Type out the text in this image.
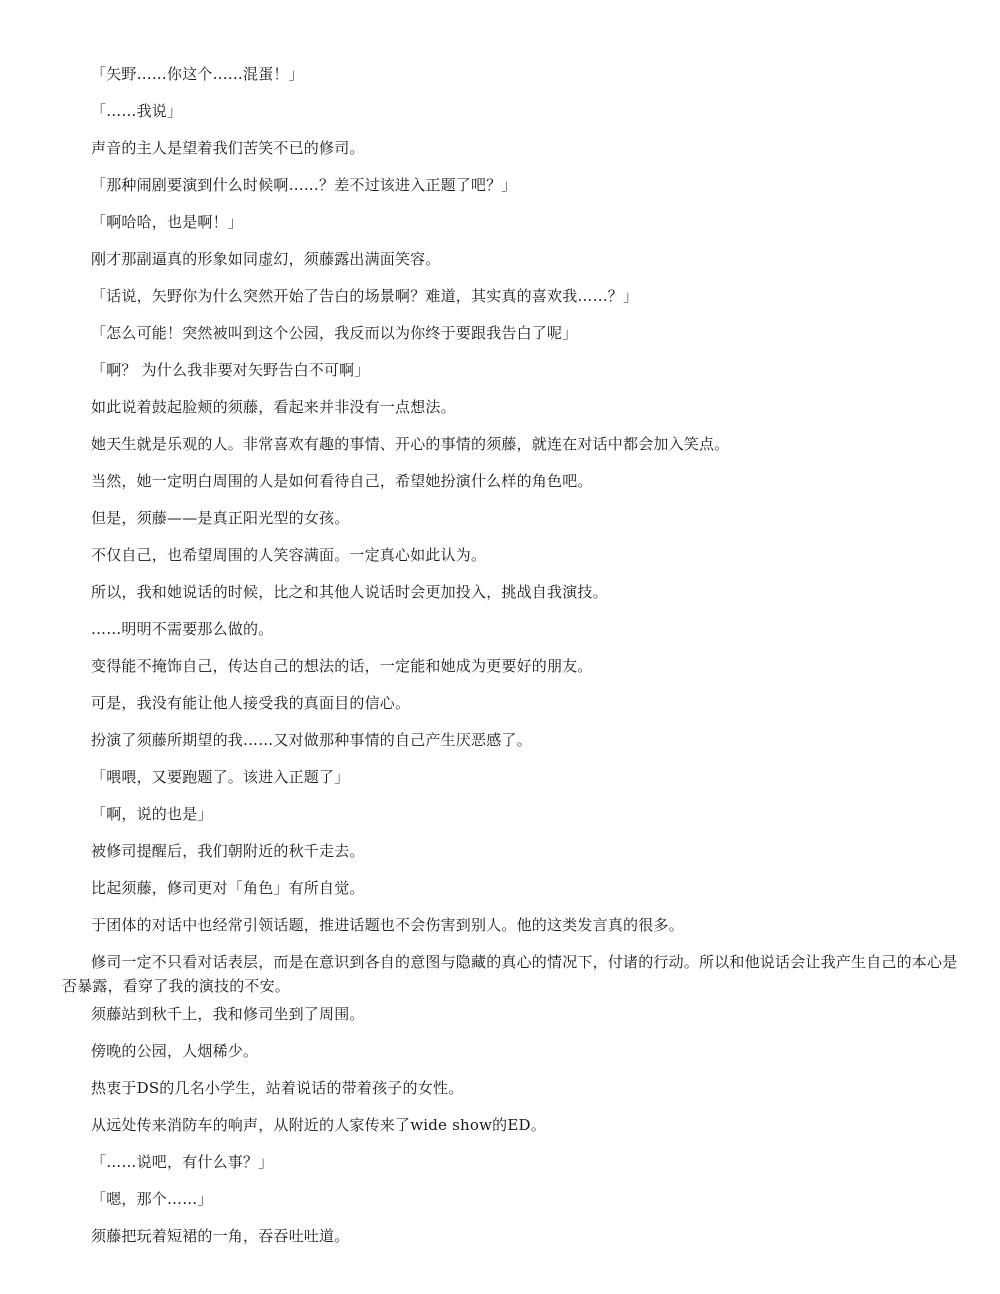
「矢野……你这个……混蛋！」

「……我说」

声音的主人是望着我们苦笑不已的修司。

「那种闹剧要演到什么时候啊……？差不过该进入正题了吧？」

「啊哈哈，也是啊！」

刚才那副逼真的形象如同虚幻，须藤露出满面笑容。

「话说，矢野你为什么突然开始了告白的场景啊？难道，其实真的喜欢我……？」

「怎么可能！突然被叫到这个公园，我反而以为你终于要跟我告白了呢」

「啊？ 为什么我非要对矢野告白不可啊」

如此说着鼓起脸颊的须藤，看起来并非没有一点想法。

她天生就是乐观的人。非常喜欢有趣的事情、开心的事情的须藤，就连在对话中都会加入笑点。

当然，她一定明白周围的人是如何看待自己，希望她扮演什么样的角色吧。

但是，须藤——是真正阳光型的女孩。

不仅自己，也希望周围的人笑容满面。一定真心如此认为。

所以，我和她说话的时候，比之和其他人说话时会更加投入，挑战自我演技。

……明明不需要那么做的。

变得能不掩饰自己，传达自己的想法的话，一定能和她成为更要好的朋友。

可是，我没有能让他人接受我的真面目的信心。

扮演了须藤所期望的我……又对做那种事情的自己产生厌恶感了。

「喂喂，又要跑题了。该进入正题了」

「啊，说的也是」

被修司提醒后，我们朝附近的秋千走去。

比起须藤，修司更对「角色」有所自觉。

于团体的对话中也经常引领话题，推进话题也不会伤害到别人。他的这类发言真的很多。

修司一定不只看对话表层，而是在意识到各自的意图与隐藏的真心的情况下，付诸的行动。所以和他说话会让我产生自己的本心是否暴露，看穿了我的演技的不安。

须藤站到秋千上，我和修司坐到了周围。

傍晚的公园，人烟稀少。

热衷于DS的几名小学生，站着说话的带着孩子的女性。

从远处传来消防车的响声，从附近的人家传来了wide show的ED。

「……说吧，有什么事？」

「嗯，那个……」

须藤把玩着短裙的一角，吞吞吐吐道。
